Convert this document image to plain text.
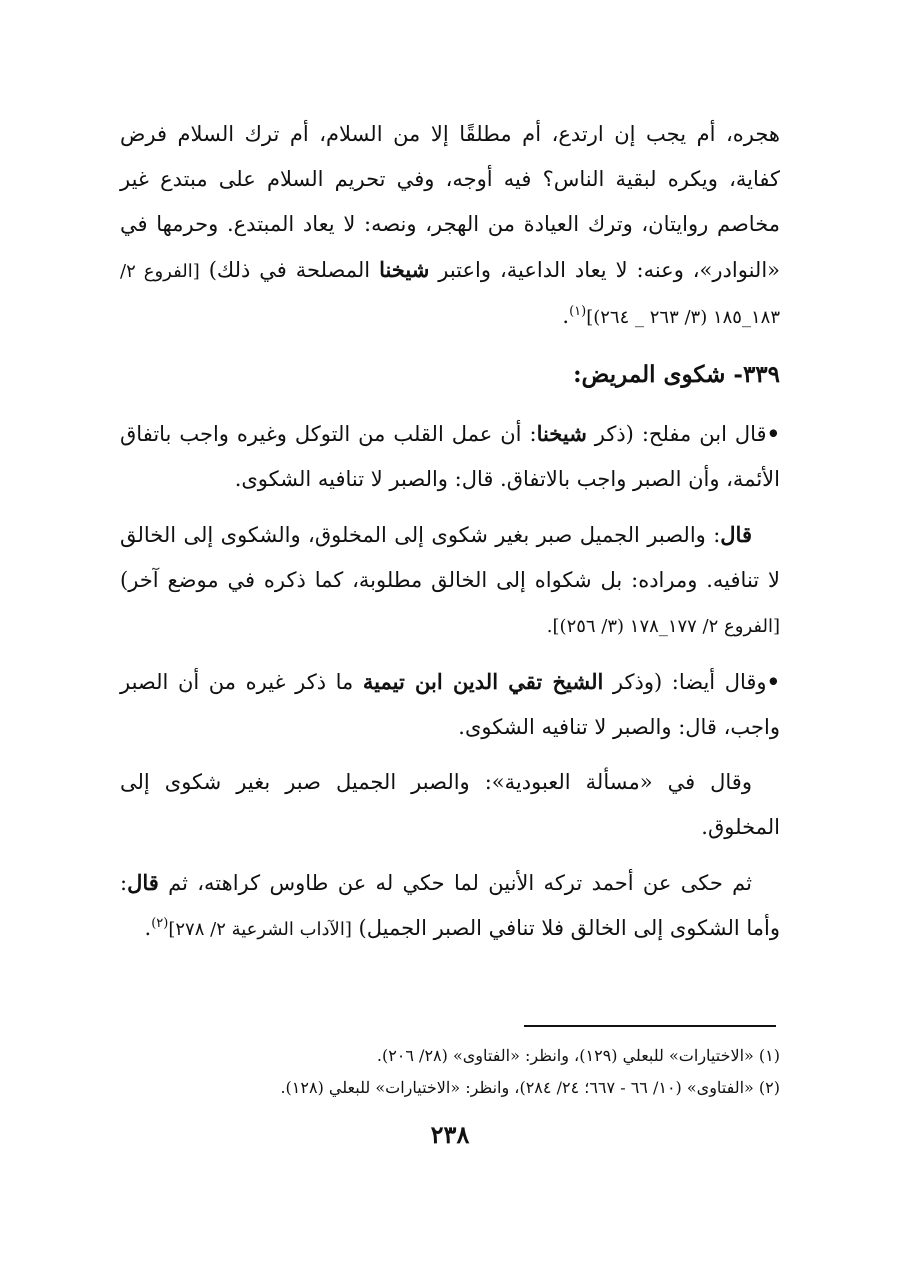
هجره، أم يجب إن ارتدع، أم مطلقًا إلا من السلام، أم ترك السلام فرض كفاية، ويكره لبقية الناس؟ فيه أوجه، وفي تحريم السلام على مبتدع غير مخاصم روايتان، وترك العيادة من الهجر، ونصه: لا يعاد المبتدع. وحرمها في «النوادر»، وعنه: لا يعاد الداعية، واعتبر شيخنا المصلحة في ذلك) [الفروع ٢/ ١٨٣_١٨٥ (٣/ ٢٦٣ _ ٢٦٤)]$^{(١)}$.

٣٣٩- شكوى المريض:

•قال ابن مفلح: (ذكر شيخنا: أن عمل القلب من التوكل وغيره واجب باتفاق الأئمة، وأن الصبر واجب بالاتفاق. قال: والصبر لا تنافيه الشكوى.

قال: والصبر الجميل صبر بغير شكوى إلى المخلوق، والشكوى إلى الخالق لا تنافيه. ومراده: بل شكواه إلى الخالق مطلوبة، كما ذكره في موضع آخر) [الفروع ٢/ ١٧٧_١٧٨ (٣/ ٢٥٦)].

•وقال أيضا: (وذكر الشيخ تقي الدين ابن تيمية ما ذكر غيره من أن الصبر واجب، قال: والصبر لا تنافيه الشكوى.

وقال في «مسألة العبودية»: والصبر الجميل صبر بغير شكوى إلى المخلوق.

ثم حكى عن أحمد تركه الأنين لما حكي له عن طاوس كراهته، ثم قال: وأما الشكوى إلى الخالق فلا تنافي الصبر الجميل) [الآداب الشرعية ٢/ ٢٧٨]$^{(٢)}$.

(١) «الاختيارات» للبعلي (١٢٩)، وانظر: «الفتاوى» (٢٨/ ٢٠٦).

(٢) «الفتاوى» (١٠/ ٦٦ - ٦٦٧؛ ٢٤/ ٢٨٤)، وانظر: «الاختيارات» للبعلي (١٢٨).

٢٣٨
